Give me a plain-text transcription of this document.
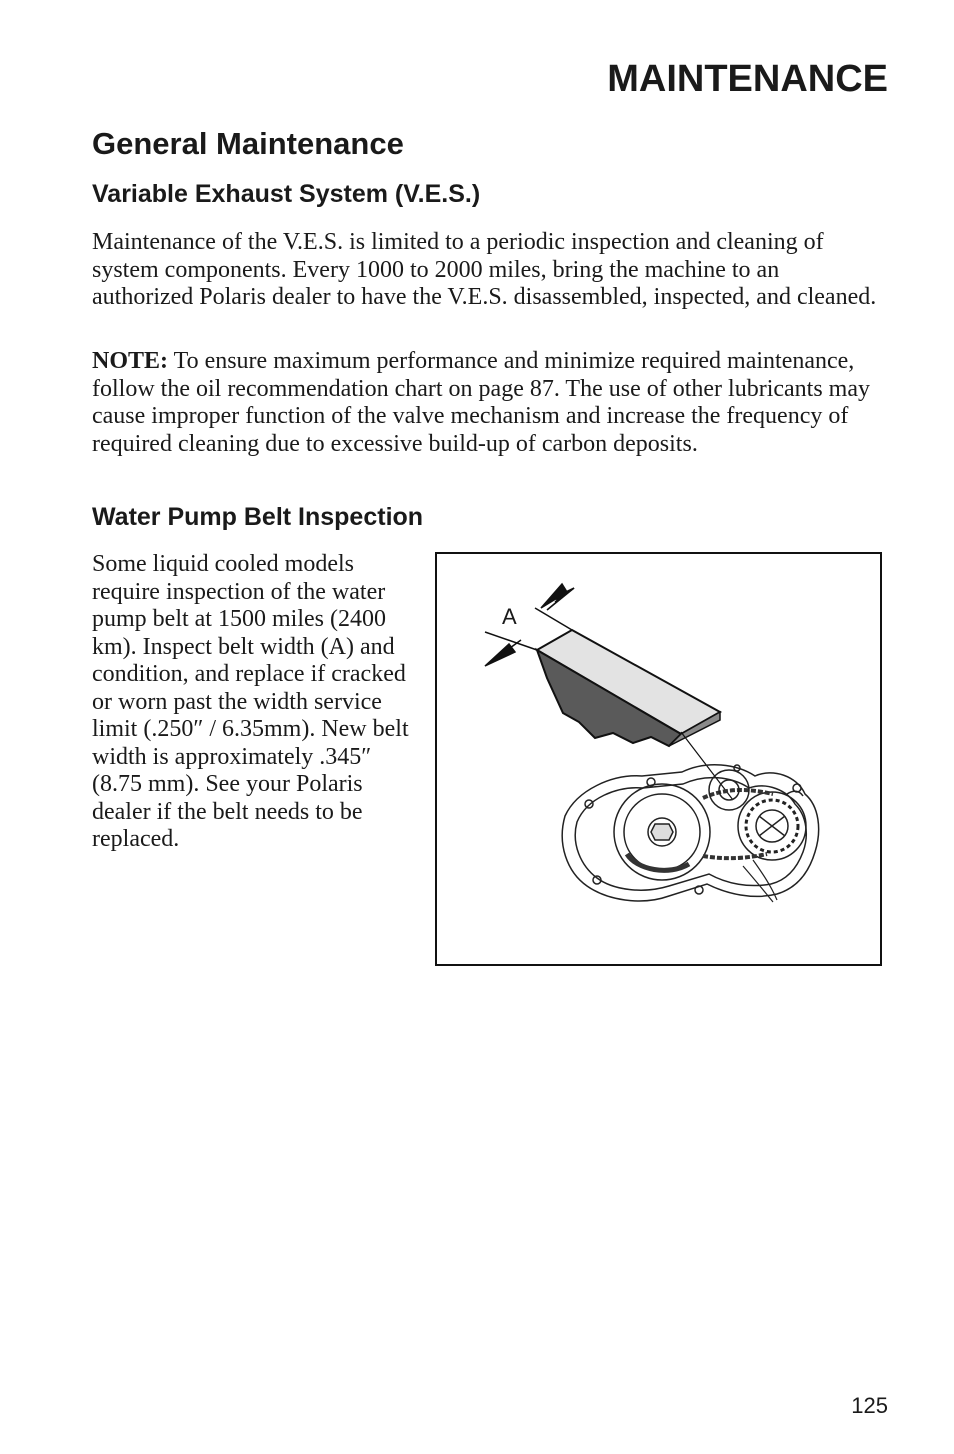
MAINTENANCE
General Maintenance
Variable Exhaust System (V.E.S.)

Maintenance of the V.E.S. is limited to a periodic inspection and cleaning of system components. Every 1000 to 2000 miles, bring the machine to an authorized Polaris dealer to have the V.E.S. disassembled, inspected, and cleaned.

NOTE: To ensure maximum performance and minimize required maintenance, follow the oil recommendation chart on page 87. The use of other lubricants may cause improper function of the valve mechanism and increase the frequency of required cleaning due to excessive build-up of carbon deposits.

Water Pump Belt Inspection

Some liquid cooled models require inspection of the water pump belt at 1500 miles (2400 km). Inspect belt width (A) and condition, and replace if cracked or worn past the width service limit (.250″ / 6.35mm). New belt width is approximately .345″ (8.75 mm). See your Polaris dealer if the belt needs to be replaced.

A
125
